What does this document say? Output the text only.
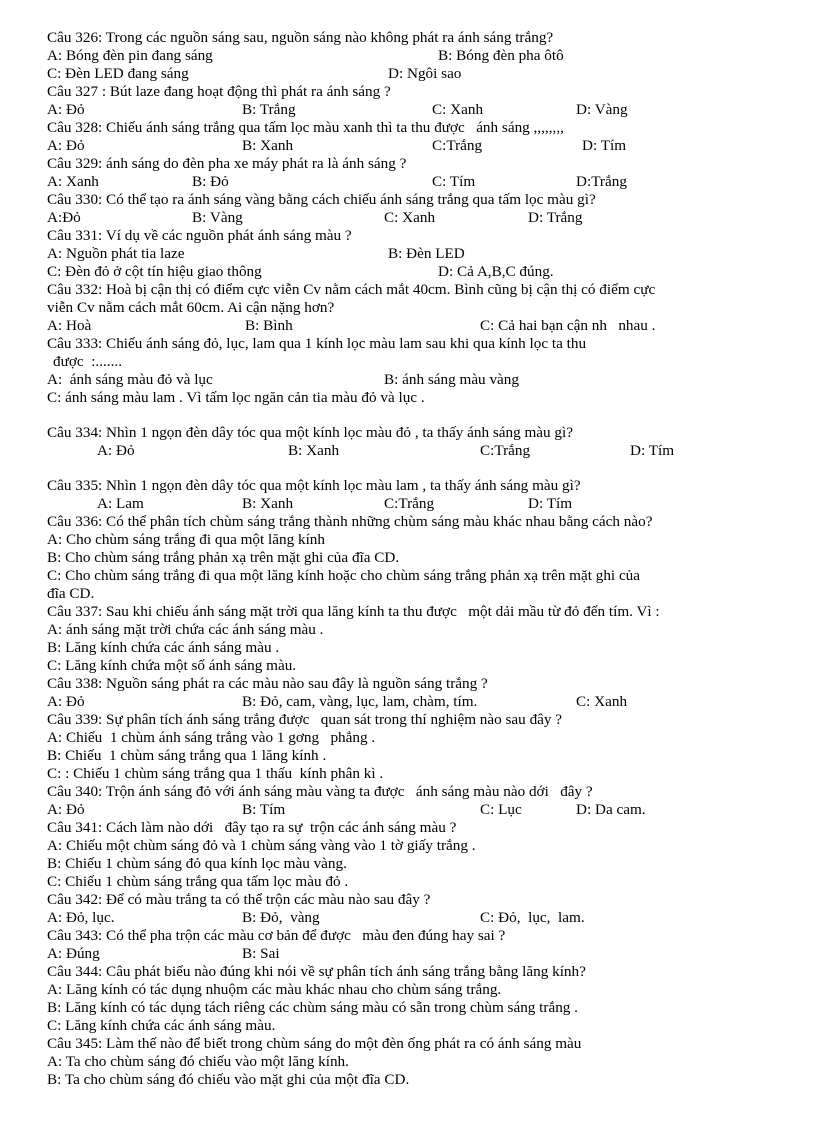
Câu 326: Trong các nguồn sáng sau, nguồn sáng nào không phát ra ánh sáng trắng?
A: Bóng đèn pin đang sáng	B: Bóng đèn pha ôtô
C: Đèn LED đang sáng	D: Ngôi sao
Câu 327 : Bút laze đang hoạt động thì phát ra ánh sáng ?
A: Đỏ	B: Trắng	C: Xanh	D: Vàng
Câu 328: Chiếu ánh sáng trắng qua tấm lọc màu xanh thì ta thu được   ánh sáng ,,,,,,,,
A: Đỏ	B: Xanh	C:Trắng	D: Tím
Câu 329: ánh sáng do đèn pha xe máy phát ra là ánh sáng ?
A: Xanh	B: Đỏ	C: Tím	D:Trắng
Câu 330: Có thể tạo ra ánh sáng vàng bằng cách chiếu ánh sáng trắng qua tấm lọc màu gì?
A:Đỏ	B: Vàng	C: Xanh	D: Trắng
Câu 331: Ví dụ về các nguồn phát ánh sáng màu ?
A: Nguồn phát tia laze	B: Đèn LED
C: Đèn đỏ ở cột tín hiệu giao thông	D: Cả A,B,C đúng.
Câu 332: Hoà bị cận thị có điểm cực viễn Cv nằm cách mắt 40cm. Bình cũng bị cận thị có điểm cực
viễn Cv nằm cách mắt 60cm. Ai cận nặng hơn?
A: Hoà	B: Bình	C: Cả hai bạn cận nh   nhau .
Câu 333: Chiếu ánh sáng đỏ, lục, lam qua 1 kính lọc màu lam sau khi qua kính lọc ta thu
được  :.......
A:  ánh sáng màu đỏ và lục	B: ánh sáng màu vàng
C: ánh sáng màu lam . Vì tấm lọc ngăn cản tia màu đỏ và lục .
Câu 334: Nhìn 1 ngọn đèn dây tóc qua một kính lọc màu đỏ , ta thấy ánh sáng màu gì?
A: Đỏ	B: Xanh	C:Trắng	D: Tím
Câu 335: Nhìn 1 ngọn đèn dây tóc qua một kính lọc màu lam , ta thấy ánh sáng màu gì?
A: Lam	B: Xanh	C:Trắng	D: Tím
Câu 336: Có thể phân tích chùm sáng trắng thành những chùm sáng màu khác nhau bằng cách nào?
A: Cho chùm sáng trắng đi qua một lăng kính
B: Cho chùm sáng trắng phản xạ trên mặt ghi của đĩa CD.
C: Cho chùm sáng trắng đi qua một lăng kính hoặc cho chùm sáng trắng phản xạ trên mặt ghi của
đĩa CD.
Câu 337: Sau khi chiếu ánh sáng mặt trời qua lăng kính ta thu được   một dải mầu từ đỏ đến tím. Vì :
A: ánh sáng mặt trời chứa các ánh sáng màu .
B: Lăng kính chứa các ánh sáng màu .
C: Lăng kính chứa một số ánh sáng màu.
Câu 338: Nguồn sáng phát ra các màu nào sau đây là nguồn sáng trắng ?
A: Đỏ	B: Đỏ, cam, vàng, lục, lam, chàm, tím.	C: Xanh
Câu 339: Sự phân tích ánh sáng trắng được   quan sát trong thí nghiệm nào sau đây ?
A: Chiếu  1 chùm ánh sáng trắng vào 1 gơng   phẳng .
B: Chiếu  1 chùm sáng trắng qua 1 lăng kính .
C: : Chiếu 1 chùm sáng trắng qua 1 thấu  kính phân kì .
Câu 340: Trộn ánh sáng đỏ với ánh sáng màu vàng ta được   ánh sáng màu nào dới   đây ?
A: Đỏ	B: Tím	C: Lục	D: Da cam.
Câu 341: Cách làm nào dới   đây tạo ra sự  trộn các ánh sáng màu ?
A: Chiếu một chùm sáng đỏ và 1 chùm sáng vàng vào 1 tờ giấy trắng .
B: Chiếu 1 chùm sáng đỏ qua kính lọc màu vàng.
C: Chiếu 1 chùm sáng trắng qua tấm lọc màu đỏ .
Câu 342: Để có màu trắng ta có thể trộn các màu nào sau đây ?
A: Đỏ, lục.	B: Đỏ,  vàng	C: Đỏ,  lục,  lam.
Câu 343: Có thể pha trộn các màu cơ bản để được   màu đen đúng hay sai ?
A: Đúng	B: Sai
Câu 344: Câu phát biểu nào đúng khi nói về sự phân tích ánh sáng trắng bằng lăng kính?
A: Lăng kính có tác dụng nhuộm các màu khác nhau cho chùm sáng trắng.
B: Lăng kính có tác dụng tách riêng các chùm sáng màu có sẵn trong chùm sáng trắng .
C: Lăng kính chứa các ánh sáng màu.
Câu 345: Làm thế nào để biết trong chùm sáng do một đèn ống phát ra có ánh sáng màu
A: Ta cho chùm sáng đó chiếu vào một lăng kính.
B: Ta cho chùm sáng đó chiếu vào mặt ghi của một đĩa CD.
